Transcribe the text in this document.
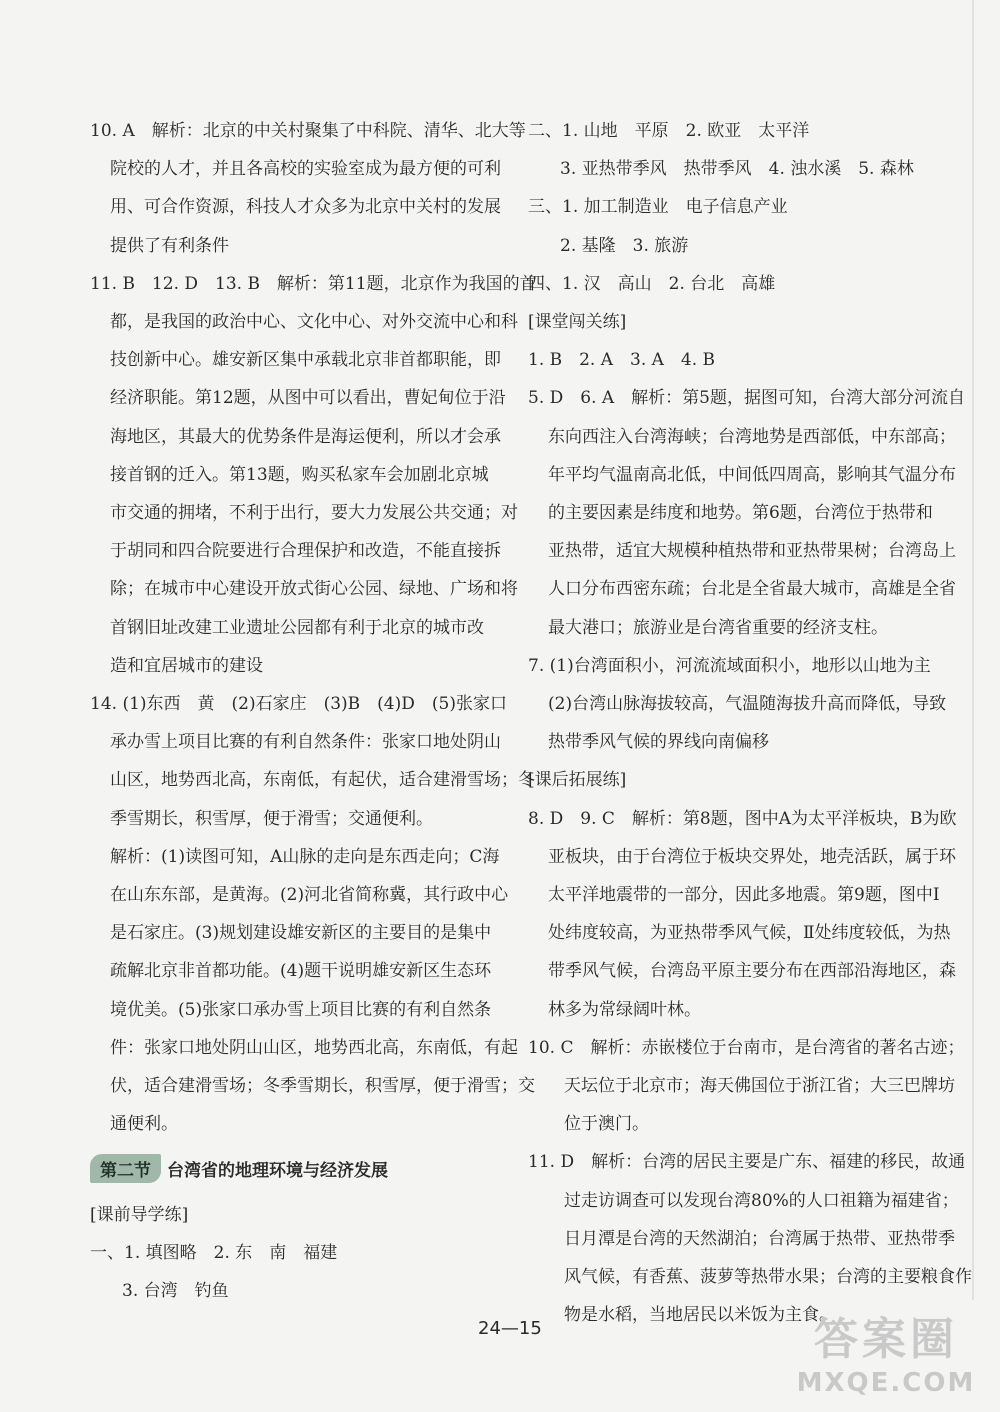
10. A　解析：北京的中关村聚集了中科院、清华、北大等
院校的人才，并且各高校的实验室成为最方便的可利
用、可合作资源，科技人才众多为北京中关村的发展
提供了有利条件
11. B　12. D　13. B　解析：第11题，北京作为我国的首
都，是我国的政治中心、文化中心、对外交流中心和科
技创新中心。雄安新区集中承载北京非首都职能，即
经济职能。第12题，从图中可以看出，曹妃甸位于沿
海地区，其最大的优势条件是海运便利，所以才会承
接首钢的迁入。第13题，购买私家车会加剧北京城
市交通的拥堵，不利于出行，要大力发展公共交通；对
于胡同和四合院要进行合理保护和改造，不能直接拆
除；在城市中心建设开放式街心公园、绿地、广场和将
首钢旧址改建工业遗址公园都有利于北京的城市改
造和宜居城市的建设
14. (1)东西　黄　(2)石家庄　(3)B　(4)D　(5)张家口
承办雪上项目比赛的有利自然条件：张家口地处阴山
山区，地势西北高，东南低，有起伏，适合建滑雪场；冬
季雪期长，积雪厚，便于滑雪；交通便利。
解析：(1)读图可知，A山脉的走向是东西走向；C海
在山东东部，是黄海。(2)河北省简称冀，其行政中心
是石家庄。(3)规划建设雄安新区的主要目的是集中
疏解北京非首都功能。(4)题干说明雄安新区生态环
境优美。(5)张家口承办雪上项目比赛的有利自然条
件：张家口地处阴山山区，地势西北高，东南低，有起
伏，适合建滑雪场；冬季雪期长，积雪厚，便于滑雪；交
通便利。
第二节 台湾省的地理环境与经济发展
[课前导学练]
一、1. 填图略　2. 东　南　福建
3. 台湾　钓鱼
二、1. 山地　平原　2. 欧亚　太平洋
3. 亚热带季风　热带季风　4. 浊水溪　5. 森林
三、1. 加工制造业　电子信息产业
2. 基隆　3. 旅游
四、1. 汉　高山　2. 台北　高雄
[课堂闯关练]
1. B　2. A　3. A　4. B
5. D　6. A　解析：第5题，据图可知，台湾大部分河流自
东向西注入台湾海峡；台湾地势是西部低，中东部高；
年平均气温南高北低，中间低四周高，影响其气温分布
的主要因素是纬度和地势。第6题，台湾位于热带和
亚热带，适宜大规模种植热带和亚热带果树；台湾岛上
人口分布西密东疏；台北是全省最大城市，高雄是全省
最大港口；旅游业是台湾省重要的经济支柱。
7. (1)台湾面积小，河流流域面积小，地形以山地为主
(2)台湾山脉海拔较高，气温随海拔升高而降低，导致
热带季风气候的界线向南偏移
[课后拓展练]
8. D　9. C　解析：第8题，图中A为太平洋板块，B为欧
亚板块，由于台湾位于板块交界处，地壳活跃，属于环
太平洋地震带的一部分，因此多地震。第9题，图中Ⅰ
处纬度较高，为亚热带季风气候，Ⅱ处纬度较低，为热
带季风气候，台湾岛平原主要分布在西部沿海地区，森
林多为常绿阔叶林。
10. C　解析：赤嵌楼位于台南市，是台湾省的著名古迹；
天坛位于北京市；海天佛国位于浙江省；大三巴牌坊
位于澳门。
11. D　解析：台湾的居民主要是广东、福建的移民，故通
过走访调查可以发现台湾80%的人口祖籍为福建省；
日月潭是台湾的天然湖泊；台湾属于热带、亚热带季
风气候，有香蕉、菠萝等热带水果；台湾的主要粮食作
物是水稻，当地居民以米饭为主食。
24—15	答案圈
MXQE.COM
